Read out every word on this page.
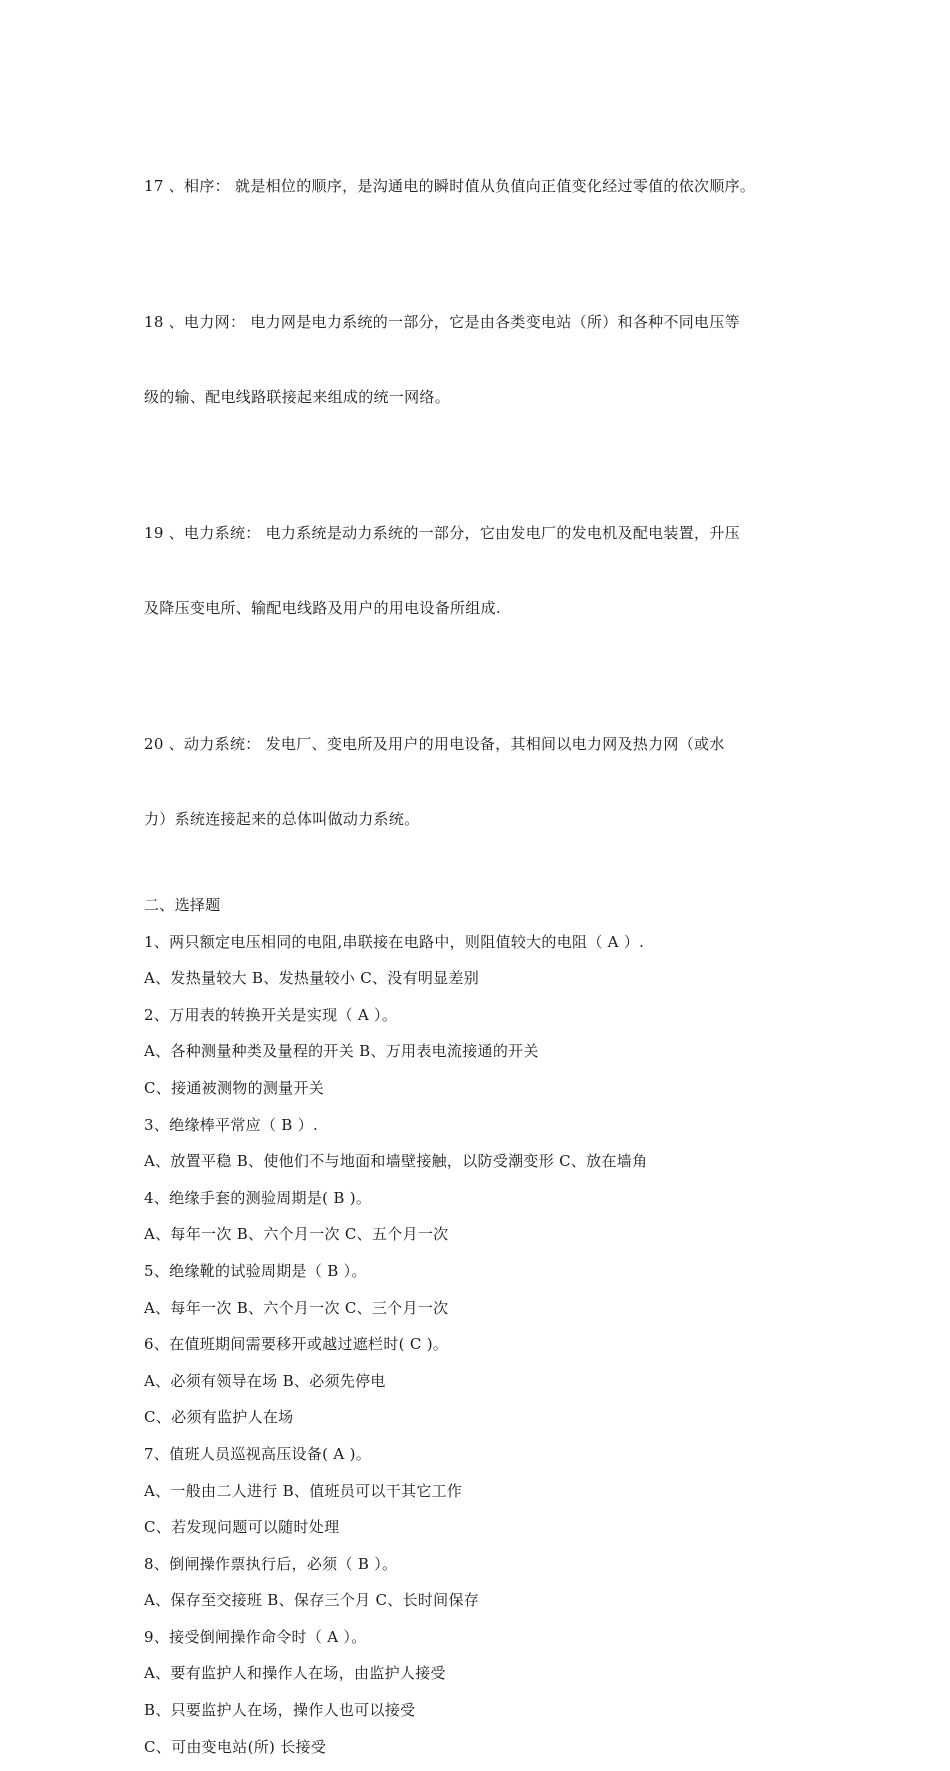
17 、相序： 就是相位的顺序，是沟通电的瞬时值从负值向正值变化经过零值的依次顺序。

18 、电力网： 电力网是电力系统的一部分，它是由各类变电站（所）和各种不同电压等

级的输、配电线路联接起来组成的统一网络。

19 、电力系统： 电力系统是动力系统的一部分，它由发电厂的发电机及配电装置，升压

及降压变电所、输配电线路及用户的用电设备所组成.

20 、动力系统： 发电厂、变电所及用户的用电设备，其相间以电力网及热力网（或水

力）系统连接起来的总体叫做动力系统。

二、选择题
1、两只额定电压相同的电阻,串联接在电路中，则阻值较大的电阻（ A ）.
A、发热量较大 B、发热量较小 C、没有明显差别
2、万用表的转换开关是实现（ A ）。
A、各种测量种类及量程的开关 B、万用表电流接通的开关
C、接通被测物的测量开关
3、绝缘棒平常应（ B ）.
A、放置平稳 B、使他们不与地面和墙壁接触，以防受潮变形 C、放在墙角
4、绝缘手套的测验周期是( B )。
A、每年一次 B、六个月一次 C、五个月一次
5、绝缘靴的试验周期是（ B ）。
A、每年一次 B、六个月一次 C、三个月一次
6、在值班期间需要移开或越过遮栏时( C )。
A、必须有领导在场 B、必须先停电
C、必须有监护人在场
7、值班人员巡视高压设备( A )。
A、一般由二人进行 B、值班员可以干其它工作
C、若发现问题可以随时处理
8、倒闸操作票执行后，必须（ B ）。
A、保存至交接班 B、保存三个月 C、长时间保存
9、接受倒闸操作命令时（ A ）。
A、要有监护人和操作人在场，由监护人接受
B、只要监护人在场，操作人也可以接受
C、可由变电站(所) 长接受
